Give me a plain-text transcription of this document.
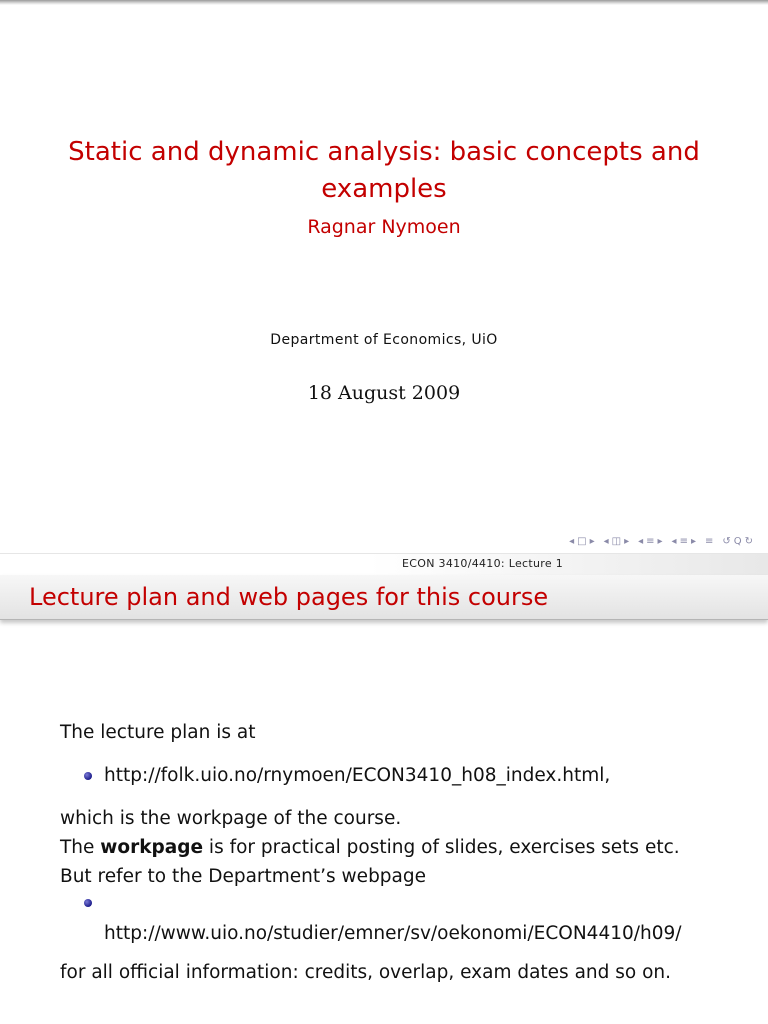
Static and dynamic analysis: basic concepts and examples
Ragnar Nymoen
Department of Economics, UiO
18 August 2009
◂□▸ ◂◫▸ ◂≡▸ ◂≡▸ ≡ ↺Q↻
ECON 3410/4410: Lecture 1
Lecture plan and web pages for this course
The lecture plan is at
http://folk.uio.no/rnymoen/ECON3410_h08_index.html,
which is the workpage of the course.
The workpage is for practical posting of slides, exercises sets etc.
But refer to the Department’s webpage
http://www.uio.no/studier/emner/sv/oekonomi/ECON4410/h09/
for all official information: credits, overlap, exam dates and so on.
